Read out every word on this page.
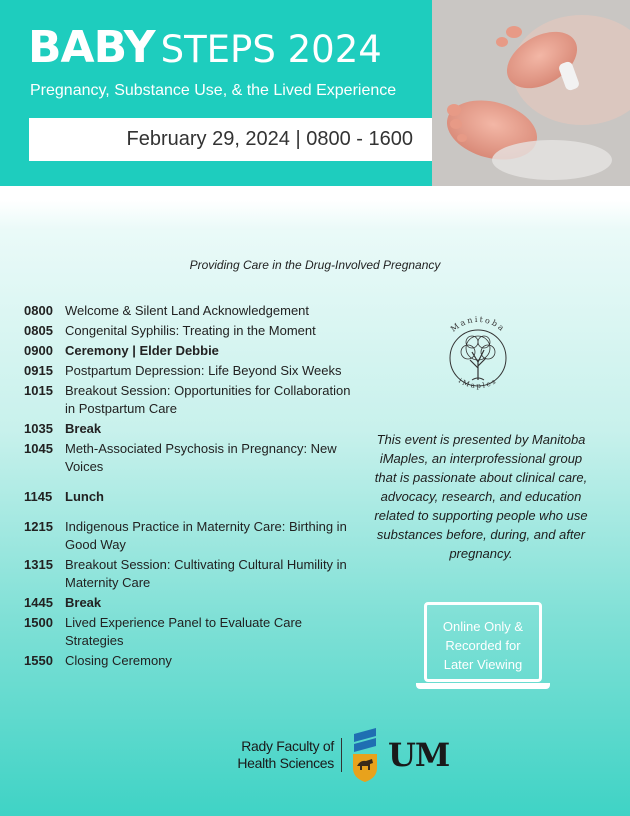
BABY STEPS 2024
Pregnancy, Substance Use, & the Lived Experience
February 29, 2024 | 0800 - 1600
Providing Care in the Drug-Involved Pregnancy
0800 Welcome & Silent Land Acknowledgement
0805 Congenital Syphilis: Treating in the Moment
0900 Ceremony | Elder Debbie
0915 Postpartum Depression: Life Beyond Six Weeks
1015 Breakout Session: Opportunities for Collaboration in Postpartum Care
1035 Break
1045 Meth-Associated Psychosis in Pregnancy: New Voices
1145 Lunch
1215 Indigenous Practice in Maternity Care: Birthing in Good Way
1315 Breakout Session: Cultivating Cultural Humility in Maternity Care
1445 Break
1500 Lived Experience Panel to Evaluate Care Strategies
1550 Closing Ceremony
Manitoba
iMaples
This event is presented by Manitoba iMaples, an interprofessional group that is passionate about clinical care, advocacy, research, and education related to supporting people who use substances before, during, and after pregnancy.
Online Only & Recorded for Later Viewing
Rady Faculty of
Health Sciences UM
